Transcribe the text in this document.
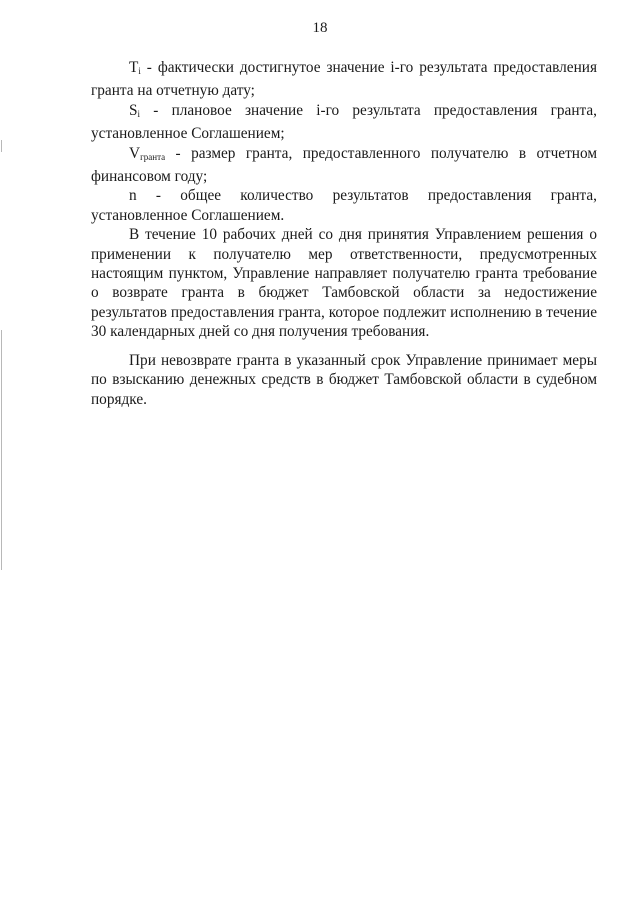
18

$T_i$ - фактически достигнутое значение i-го результата предоставления гранта на отчетную дату;

$S_i$ - плановое значение i-го результата предоставления гранта, установленное Соглашением;

$V_{гранта}$ - размер гранта, предоставленного получателю в отчетном финансовом году;

n - общее количество результатов предоставления гранта, установленное Соглашением.

В течение 10 рабочих дней со дня принятия Управлением решения о применении к получателю мер ответственности, предусмотренных настоящим пунктом, Управление направляет получателю гранта требование о возврате гранта в бюджет Тамбовской области за недостижение результатов предоставления гранта, которое подлежит исполнению в течение 30 календарных дней со дня получения требования.

При невозврате гранта в указанный срок Управление принимает меры по взысканию денежных средств в бюджет Тамбовской области в судебном порядке.
